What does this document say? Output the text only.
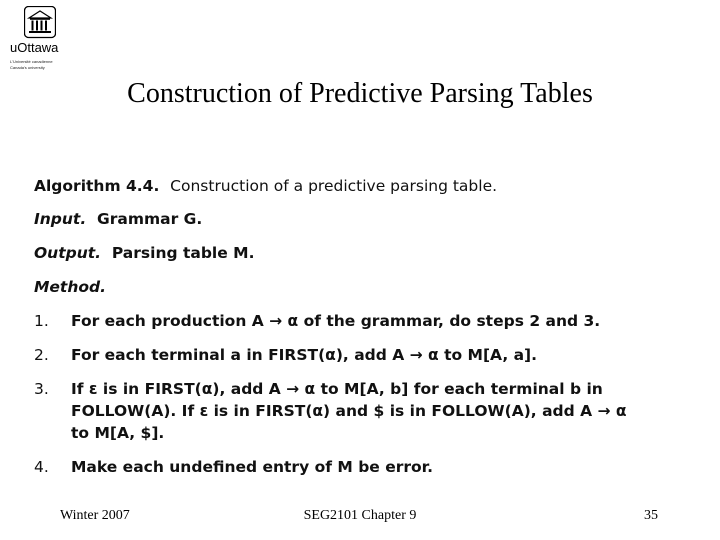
uOttawa
L'Université canadienne
Canada's university
Construction of Predictive Parsing Tables
Algorithm 4.4. Construction of a predictive parsing table.
Input. Grammar G.
Output. Parsing table M.
Method.
1. For each production A → α of the grammar, do steps 2 and 3.
2. For each terminal a in FIRST(α), add A → α to M[A, a].
3. If ε is in FIRST(α), add A → α to M[A, b] for each terminal b in
FOLLOW(A). If ε is in FIRST(α) and $ is in FOLLOW(A), add A → α
to M[A, $].
4. Make each undefined entry of M be error.
Winter 2007	SEG2101 Chapter 9	35
